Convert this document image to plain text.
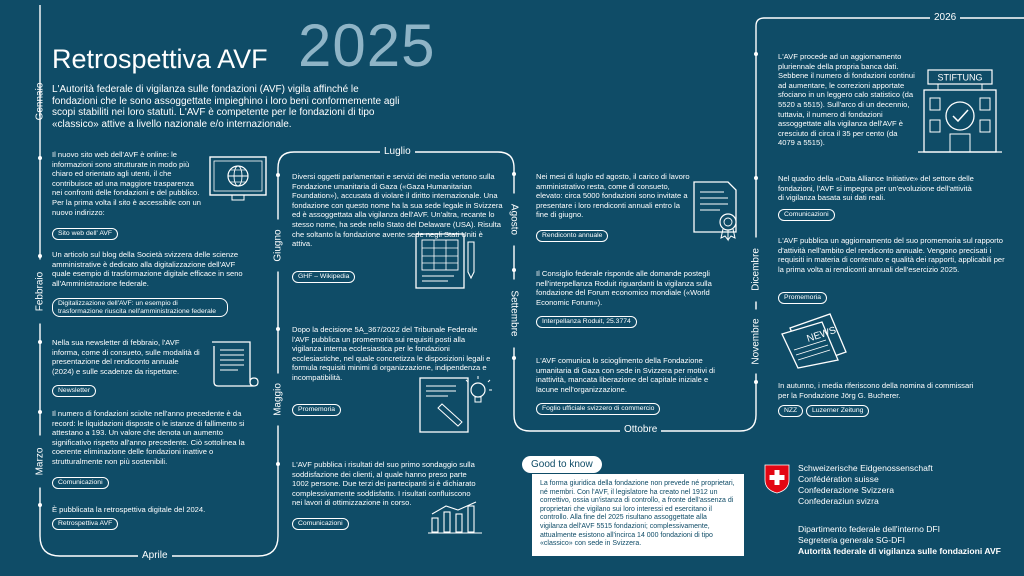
Retrospettiva AVF 2025
L'Autorità federale di vigilanza sulle fondazioni (AVF) vigila affinché le fondazioni che le sono assoggettate impieghino i loro beni conformemente agli scopi stabiliti nei loro statuti. L'AVF è competente per le fondazioni di tipo «classico» attive a livello nazionale e/o internazionale.
2026
Gennaio
Febbraio
Marzo
Aprile
Maggio
Giugno
Luglio
Agosto
Settembre
Ottobre
Novembre
Dicembre
Il nuovo sito web dell'AVF è online: le informazioni sono strutturate in modo più chiaro ed orientato agli utenti, il che contribuisce ad una maggiore trasparenza nei confronti delle fondazioni e del pubblico. Per la prima volta il sito è accessibile con un nuovo indirizzo:
Sito web dell' AVF
Un articolo sul blog della Società svizzera delle scienze amministrative è dedicato alla digitalizzazione dell'AVF quale esempio di trasformazione digitale efficace in seno all'Amministrazione federale.
Digitalizzazione dell'AVF: un esempio di trasformazione riuscita nell'amministrazione federale
Nella sua newsletter di febbraio, l'AVF informa, come di consueto, sulle modalità di presentazione del rendiconto annuale (2024) e sulle scadenze da rispettare.
Newsletter
Il numero di fondazioni sciolte nell'anno precedente è da record: le liquidazioni disposte o le istanze di fallimento si attestano a 193. Un valore che denota un aumento significativo rispetto all'anno precedente. Ciò sottolinea la coerente eliminazione delle fondazioni inattive o strutturalmente non più sostenibili.
Comunicazioni
È pubblicata la retrospettiva digitale del 2024.
Retrospettiva AVF
Diversi oggetti parlamentari e servizi dei media vertono sulla Fondazione umanitaria di Gaza («Gaza Humanitarian Foundation»), accusata di violare il diritto internazionale. Una fondazione con questo nome ha la sua sede legale in Svizzera ed è assoggettata alla vigilanza dell'AVF. Un'altra, recante lo stesso nome, ha sede nello Stato del Delaware (USA). Risulta che soltanto la fondazione avente sede negli Stati Uniti è attiva.
GHF – Wikipedia
Dopo la decisione 5A_367/2022 del Tribunale Federale l'AVF pubblica un promemoria sui requisiti posti alla vigilanza interna ecclesiastica per le fondazioni ecclesiastiche, nel quale concretizza le disposizioni legali e formula requisiti minimi di organizzazione, indipendenza e incompatibilità.
Promemoria
L'AVF pubblica i risultati del suo primo sondaggio sulla soddisfazione dei clienti, al quale hanno preso parte 1002 persone. Due terzi dei partecipanti si è dichiarato complessivamente soddisfatto. I risultati confluiscono nei lavori di ottimizzazione in corso.
Comunicazioni
Nei mesi di luglio ed agosto, il carico di lavoro amministrativo resta, come di consueto, elevato: circa 5000 fondazioni sono invitate a presentare i loro rendiconti annuali entro la fine di giugno.
Rendiconto annuale
Il Consiglio federale risponde alle domande postegli nell'interpellanza Roduit riguardanti la vigilanza sulla fondazione del Forum economico mondiale («World Economic Forum»).
Interpellanza Roduit, 25.3774
L'AVF comunica lo scioglimento della Fondazione umanitaria di Gaza con sede in Svizzera per motivi di inattività, mancata liberazione del capitale iniziale e lacune nell'organizzazione.
Foglio ufficiale svizzero di commercio
L'AVF procede ad un aggiornamento pluriennale della propria banca dati. Sebbene il numero di fondazioni continui ad aumentare, le correzioni apportate sfociano in un leggero calo statistico (da 5520 a 5515). Sull'arco di un decennio, tuttavia, il numero di fondazioni assoggettate alla vigilanza dell'AVF è cresciuto di circa il 35 per cento (da 4079 a 5515).
Nel quadro della «Data Alliance Initiative» del settore delle fondazioni, l'AVF si impegna per un'evoluzione dell'attività di vigilanza basata sui dati reali.
Comunicazioni
L'AVF pubblica un aggiornamento del suo promemoria sul rapporto d'attività nell'ambito del rendiconto annuale. Vengono precisati i requisiti in materia di contenuto e qualità dei rapporti, applicabili per la prima volta ai rendiconti annuali dell'esercizio 2025.
Promemoria
In autunno, i media riferiscono della nomina di commissari per la Fondazione Jörg G. Bucherer.
NZZ	Luzerner Zeitung
STIFTUNG
NEWS
Good to know
La forma giuridica della fondazione non prevede né proprietari, né membri. Con l'AVF, il legislatore ha creato nel 1912 un correttivo, ossia un'istanza di controllo, a fronte dell'assenza di proprietari che vigilano sui loro interessi ed esercitano il controllo. Alla fine del 2025 risultano assoggettate alla vigilanza dell'AVF 5515 fondazioni; complessivamente, attualmente esistono all'incirca 14 000 fondazioni di tipo «classico» con sede in Svizzera.
Schweizerische Eidgenossenschaft
Confédération suisse
Confederazione Svizzera
Confederaziun svizra
Dipartimento federale dell'interno DFI
Segreteria generale SG-DFI
Autorità federale di vigilanza sulle fondazioni AVF
